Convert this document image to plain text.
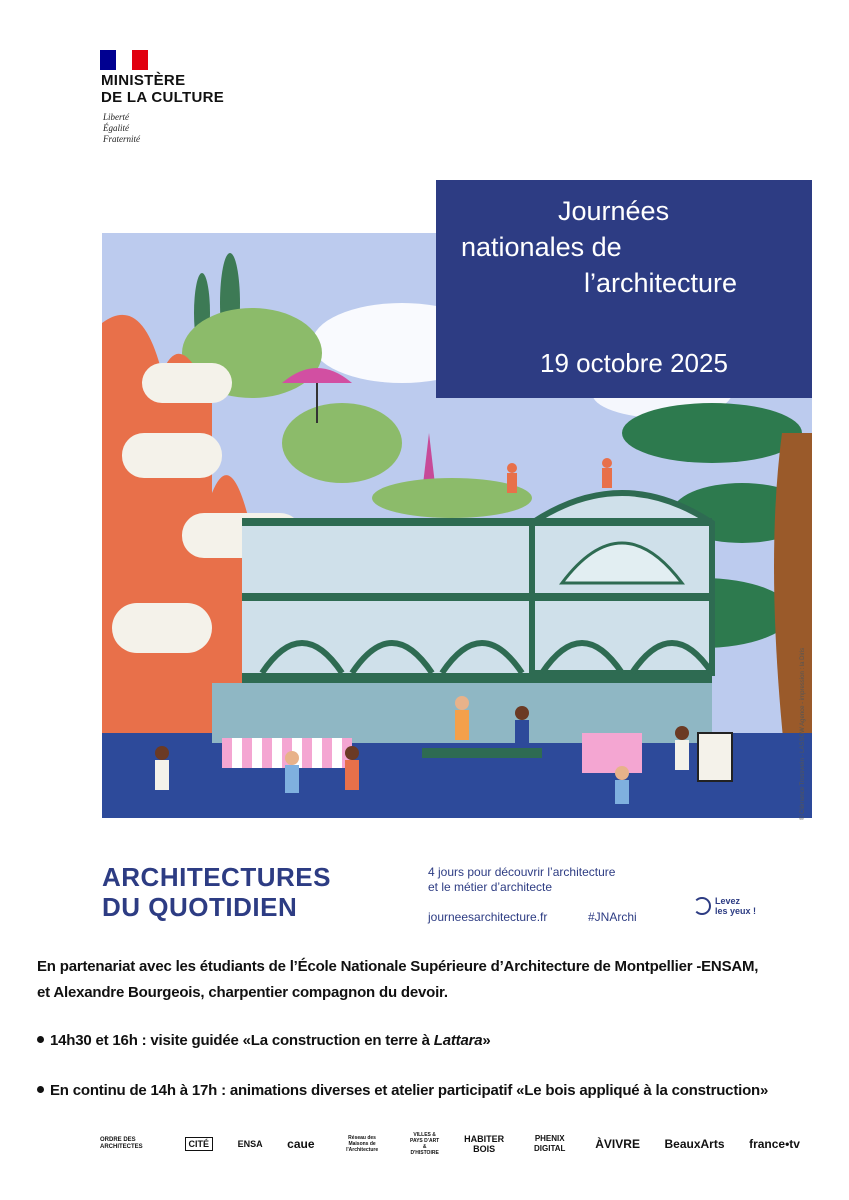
MINISTÈRE
DE LA CULTURE
Liberté
Égalité
Fraternité
© Clémence Trosswein - LASSOW Agence - impression : la Diris
Journées
nationales de
l’architecture
19 octobre 2025
ARCHITECTURES
DU QUOTIDIEN
4 jours pour découvrir l’architecture
et le métier d’architecte
journeesarchitecture.fr	#JNArchi
Levez
les yeux !
En partenariat avec les étudiants de l’École Nationale Supérieure d’Architecture de Montpellier -ENSAM,
et Alexandre Bourgeois, charpentier compagnon du devoir.
14h30 et 16h : visite guidée «La construction en terre à Lattara»
En continu de 14h à 17h : animations diverses et atelier participatif «Le bois appliqué à la construction»
ORDRE DES ARCHITECTES	CITÉ	ENSA caue	Réseau des Maisons de l'Architecture
VILLES & PAYS D'ART & D'HISTOIRE
HABITER BOIS
PHENIX DIGITAL	ÀVIVRE BeauxArts france•tv
